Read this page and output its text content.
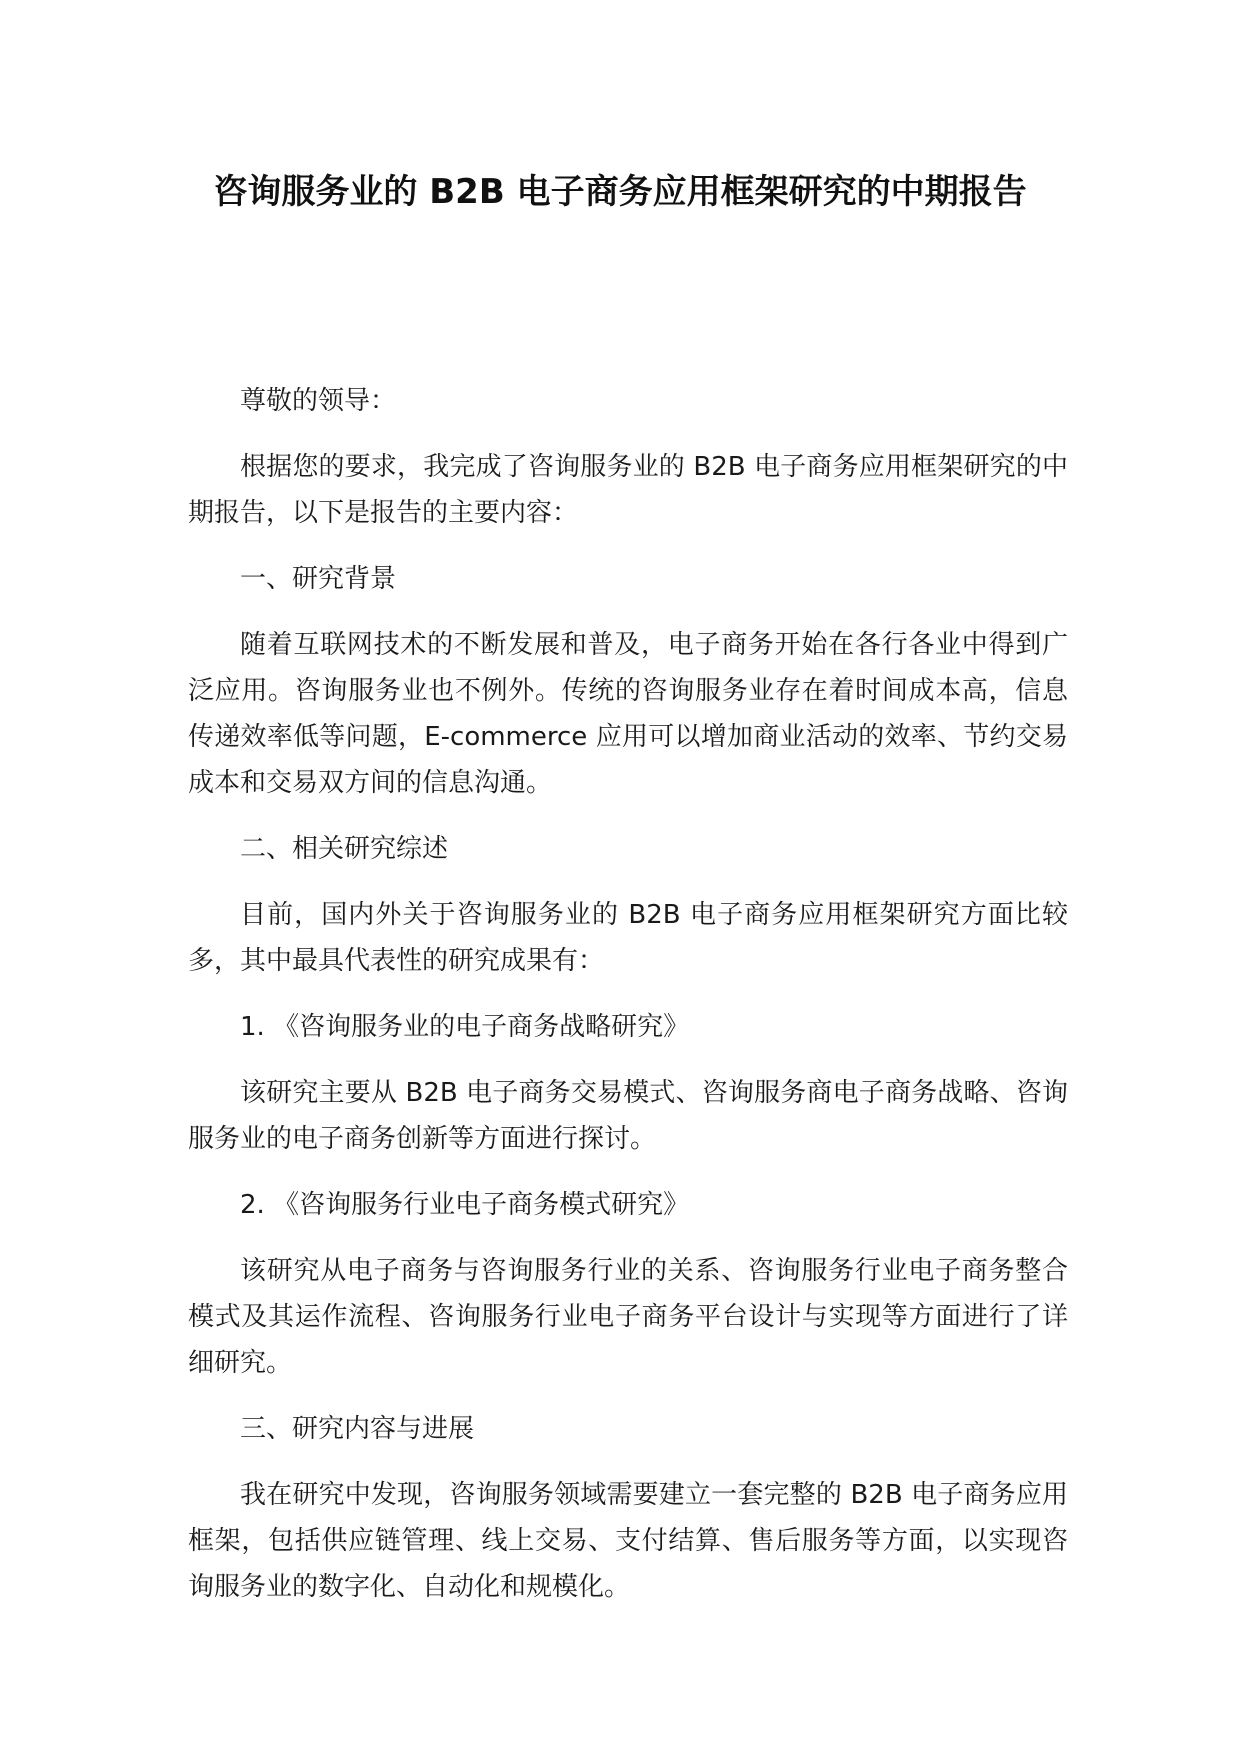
咨询服务业的 B2B 电子商务应用框架研究的中期报告

尊敬的领导：

根据您的要求，我完成了咨询服务业的 B2B 电子商务应用框架研究的中期报告，以下是报告的主要内容：

一、研究背景

随着互联网技术的不断发展和普及，电子商务开始在各行各业中得到广泛应用。咨询服务业也不例外。传统的咨询服务业存在着时间成本高，信息传递效率低等问题，E-commerce 应用可以增加商业活动的效率、节约交易成本和交易双方间的信息沟通。

二、相关研究综述

目前，国内外关于咨询服务业的 B2B 电子商务应用框架研究方面比较多，其中最具代表性的研究成果有：

1. 《咨询服务业的电子商务战略研究》

该研究主要从 B2B 电子商务交易模式、咨询服务商电子商务战略、咨询服务业的电子商务创新等方面进行探讨。

2. 《咨询服务行业电子商务模式研究》

该研究从电子商务与咨询服务行业的关系、咨询服务行业电子商务整合模式及其运作流程、咨询服务行业电子商务平台设计与实现等方面进行了详细研究。

三、研究内容与进展

我在研究中发现，咨询服务领域需要建立一套完整的 B2B 电子商务应用框架，包括供应链管理、线上交易、支付结算、售后服务等方面，以实现咨询服务业的数字化、自动化和规模化。
